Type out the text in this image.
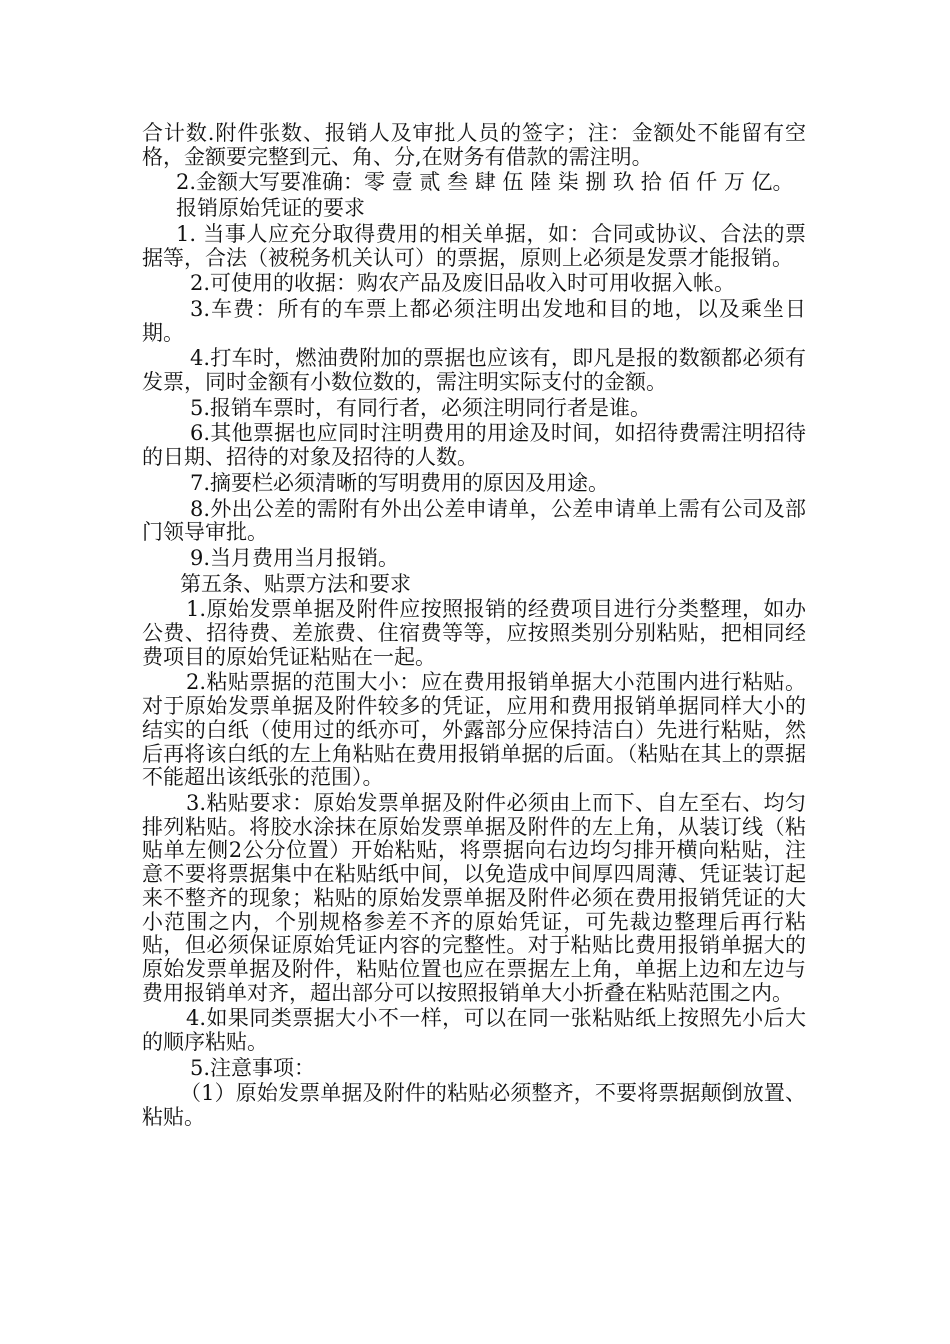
合计数.附件张数、报销人及审批人员的签字；注：金额处不能留有空格，金额要完整到元、角、分,在财务有借款的需注明。

2.金额大写要准确：零 壹 贰 叁 肆 伍 陸 柒 捌 玖 拾 佰 仟 万 亿。

报销原始凭证的要求

1. 当事人应充分取得费用的相关单据，如：合同或协议、合法的票据等，合法（被税务机关认可）的票据，原则上必须是发票才能报销。

2.可使用的收据：购农产品及废旧品收入时可用收据入帐。

3.车费：所有的车票上都必须注明出发地和目的地，以及乘坐日期。

4.打车时，燃油费附加的票据也应该有，即凡是报的数额都必须有发票，同时金额有小数位数的，需注明实际支付的金额。

5.报销车票时，有同行者，必须注明同行者是谁。

6.其他票据也应同时注明费用的用途及时间，如招待费需注明招待的日期、招待的对象及招待的人数。

7.摘要栏必须清晰的写明费用的原因及用途。

8.外出公差的需附有外出公差申请单，公差申请单上需有公司及部门领导审批。

9.当月费用当月报销。

第五条、贴票方法和要求

1.原始发票单据及附件应按照报销的经费项目进行分类整理，如办公费、招待费、差旅费、住宿费等等，应按照类别分别粘贴，把相同经费项目的原始凭证粘贴在一起。

2.粘贴票据的范围大小：应在费用报销单据大小范围内进行粘贴。对于原始发票单据及附件较多的凭证，应用和费用报销单据同样大小的结实的白纸（使用过的纸亦可，外露部分应保持洁白）先进行粘贴，然后再将该白纸的左上角粘贴在费用报销单据的后面。（粘贴在其上的票据不能超出该纸张的范围）。

3.粘贴要求：原始发票单据及附件必须由上而下、自左至右、均匀排列粘贴。将胶水涂抹在原始发票单据及附件的左上角，从装订线（粘贴单左侧2公分位置）开始粘贴，将票据向右边均匀排开横向粘贴，注意不要将票据集中在粘贴纸中间，以免造成中间厚四周薄、凭证装订起来不整齐的现象；粘贴的原始发票单据及附件必须在费用报销凭证的大小范围之内，个别规格参差不齐的原始凭证，可先裁边整理后再行粘贴，但必须保证原始凭证内容的完整性。对于粘贴比费用报销单据大的原始发票单据及附件，粘贴位置也应在票据左上角，单据上边和左边与费用报销单对齐，超出部分可以按照报销单大小折叠在粘贴范围之内。

4.如果同类票据大小不一样，可以在同一张粘贴纸上按照先小后大的顺序粘贴。

5.注意事项：

（1）原始发票单据及附件的粘贴必须整齐，不要将票据颠倒放置、粘贴。
